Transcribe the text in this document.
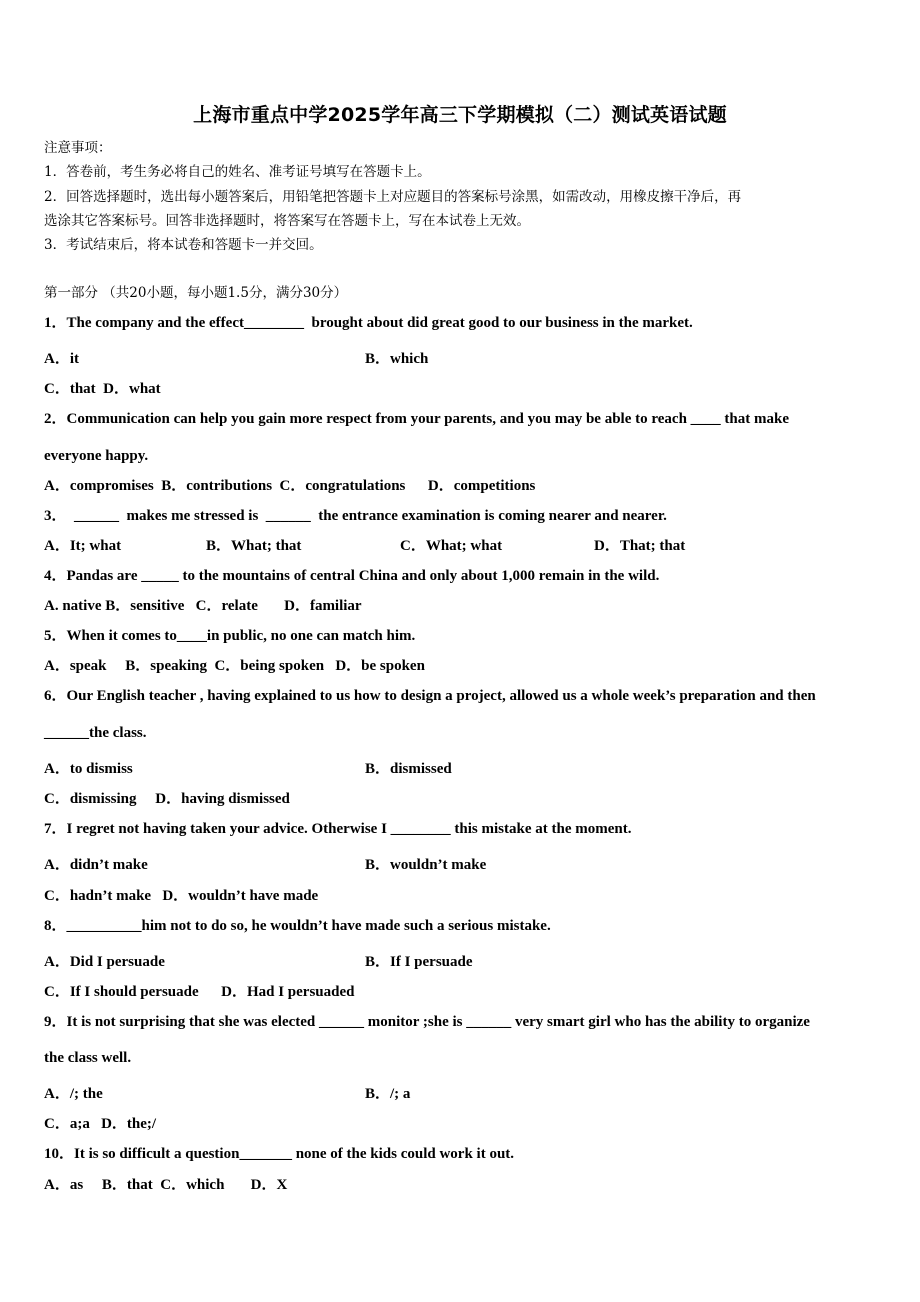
上海市重点中学2025学年高三下学期模拟（二）测试英语试题
注意事项：
1．答卷前，考生务必将自己的姓名、准考证号填写在答题卡上。
2．回答选择题时，选出每小题答案后，用铅笔把答题卡上对应题目的答案标号涂黑，如需改动，用橡皮擦干净后，再
选涂其它答案标号。回答非选择题时，将答案写在答题卡上，写在本试卷上无效。
3．考试结束后，将本试卷和答题卡一并交回。
第一部分 （共20小题，每小题1.5分，满分30分）
1．The company and the effect________  brought about did great good to our business in the market.
A．it	B．which
C．that  D．what
2．Communication can help you gain more respect from your parents, and you may be able to reach ____ that make
everyone happy.
A．compromises  B．contributions  C．congratulations      D．competitions
3．  ______  makes me stressed is  ______  the entrance examination is coming nearer and nearer.
A．It; what	B．What; that	C．What; what	D．That; that
4．Pandas are _____ to the mountains of central China and only about 1,000 remain in the wild.
A. native B．sensitive   C．relate       D．familiar
5．When it comes to____in public, no one can match him.
A．speak     B．speaking  C．being spoken   D．be spoken
6．Our English teacher , having explained to us how to design a project, allowed us a whole week’s preparation and then
______the class.
A．to dismiss	B．dismissed
C．dismissing     D．having dismissed
7．I regret not having taken your advice. Otherwise I ________ this mistake at the moment.
A．didn’t make	B．wouldn’t make
C．hadn’t make   D．wouldn’t have made
8．__________him not to do so, he wouldn’t have made such a serious mistake.
A．Did I persuade	B．If I persuade
C．If I should persuade      D．Had I persuaded
9．It is not surprising that she was elected ______ monitor ;she is ______ very smart girl who has the ability to organize
the class well.
A．/; the	B．/; a
C．a;a   D．the;/
10．It is so difficult a question_______ none of the kids could work it out.
A．as     B．that  C．which       D．X
